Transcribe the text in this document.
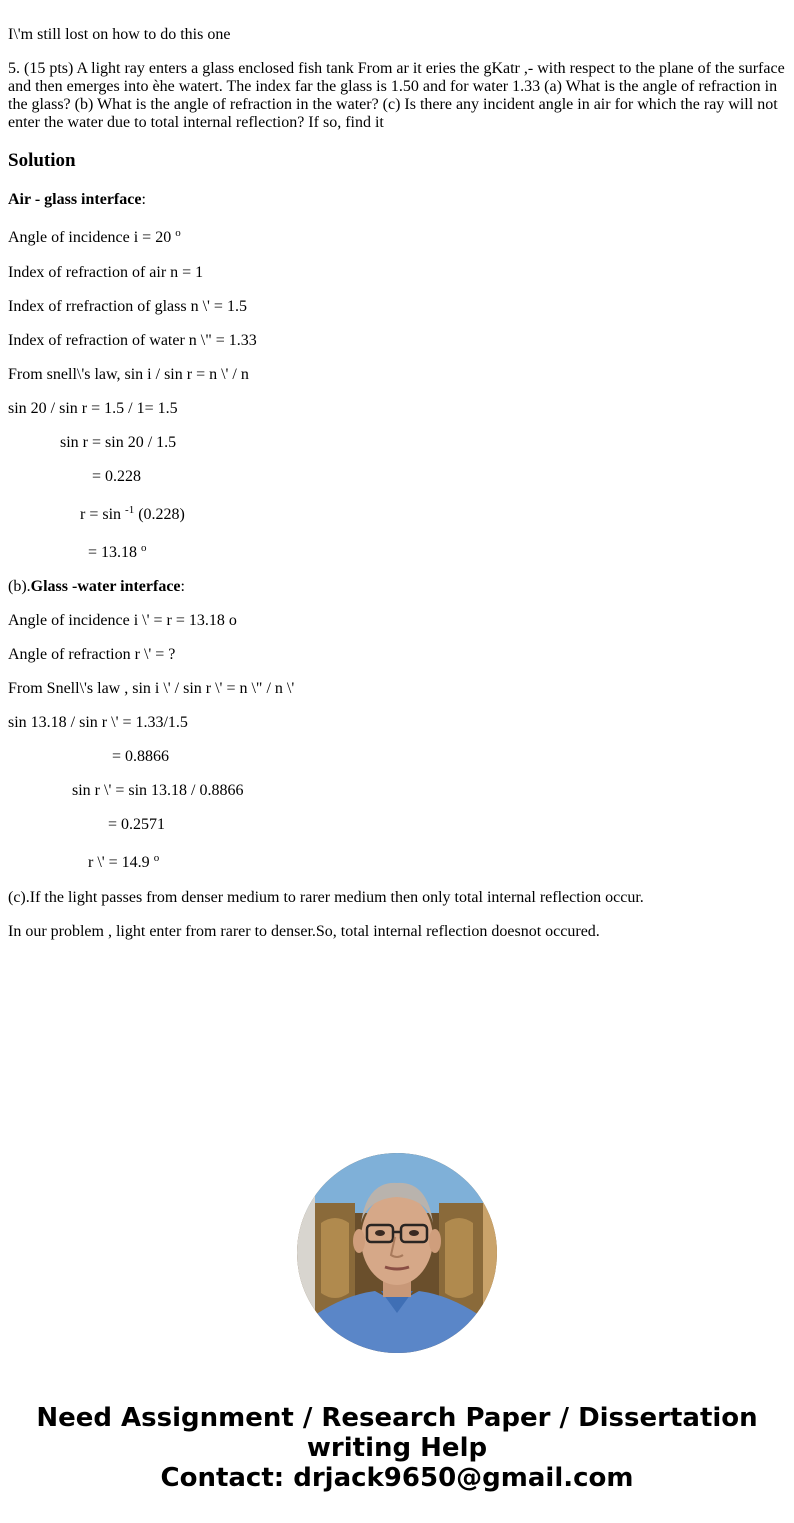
I\'m still lost on how to do this one

5. (15 pts) A light ray enters a glass enclosed fish tank From ar it eries the gKatr ,- with respect to the plane of the surface and then emerges into èhe watert. The index far the glass is 1.50 and for water 1.33 (a) What is the angle of refraction in the glass? (b) What is the angle of refraction in the water? (c) Is there any incident angle in air for which the ray will not enter the water due to total internal reflection? If so, find it

Solution

Air - glass interface:

Angle of incidence i = 20 $^o$

Index of refraction of air n = 1

Index of rrefraction of glass n \' = 1.5

Index of refraction of water n \" = 1.33

From snell\'s law, sin i / sin r = n \' / n

sin 20 / sin r = 1.5 / 1= 1.5

sin r = sin 20 / 1.5

= 0.228

r = sin $^{-1}$ (0.228)

= 13.18 $^o$

(b).Glass -water interface:

Angle of incidence i \' = r = 13.18 o

Angle of refraction r \' = ?

From Snell\'s law , sin i \' / sin r \' = n \" / n \'

sin 13.18 / sin r \' = 1.33/1.5

= 0.8866

sin r \' = sin 13.18 / 0.8866

= 0.2571

r \' = 14.9 $^o$

(c).If the light passes from denser medium to rarer medium then only total internal reflection occur.

In our problem , light enter from rarer to denser.So, total internal reflection doesnot occured.

Need Assignment / Research Paper / Dissertation
writing Help
Contact: drjack9650@gmail.com
